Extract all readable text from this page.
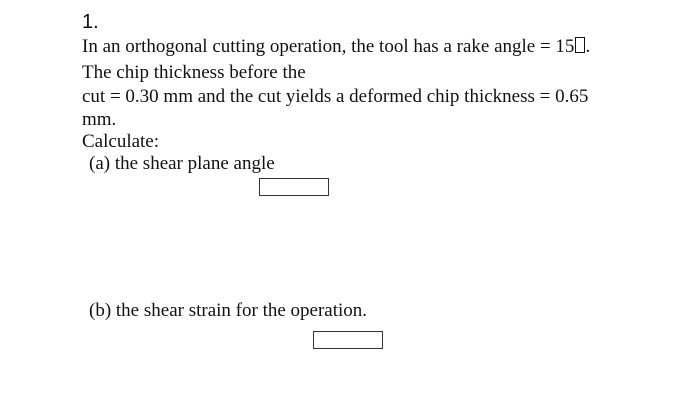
1.
In an orthogonal cutting operation, the tool has a rake angle = 15 .
The chip thickness before the
cut = 0.30 mm and the cut yields a deformed chip thickness = 0.65
mm.
Calculate:
(a) the shear plane angle
(b) the shear strain for the operation.
